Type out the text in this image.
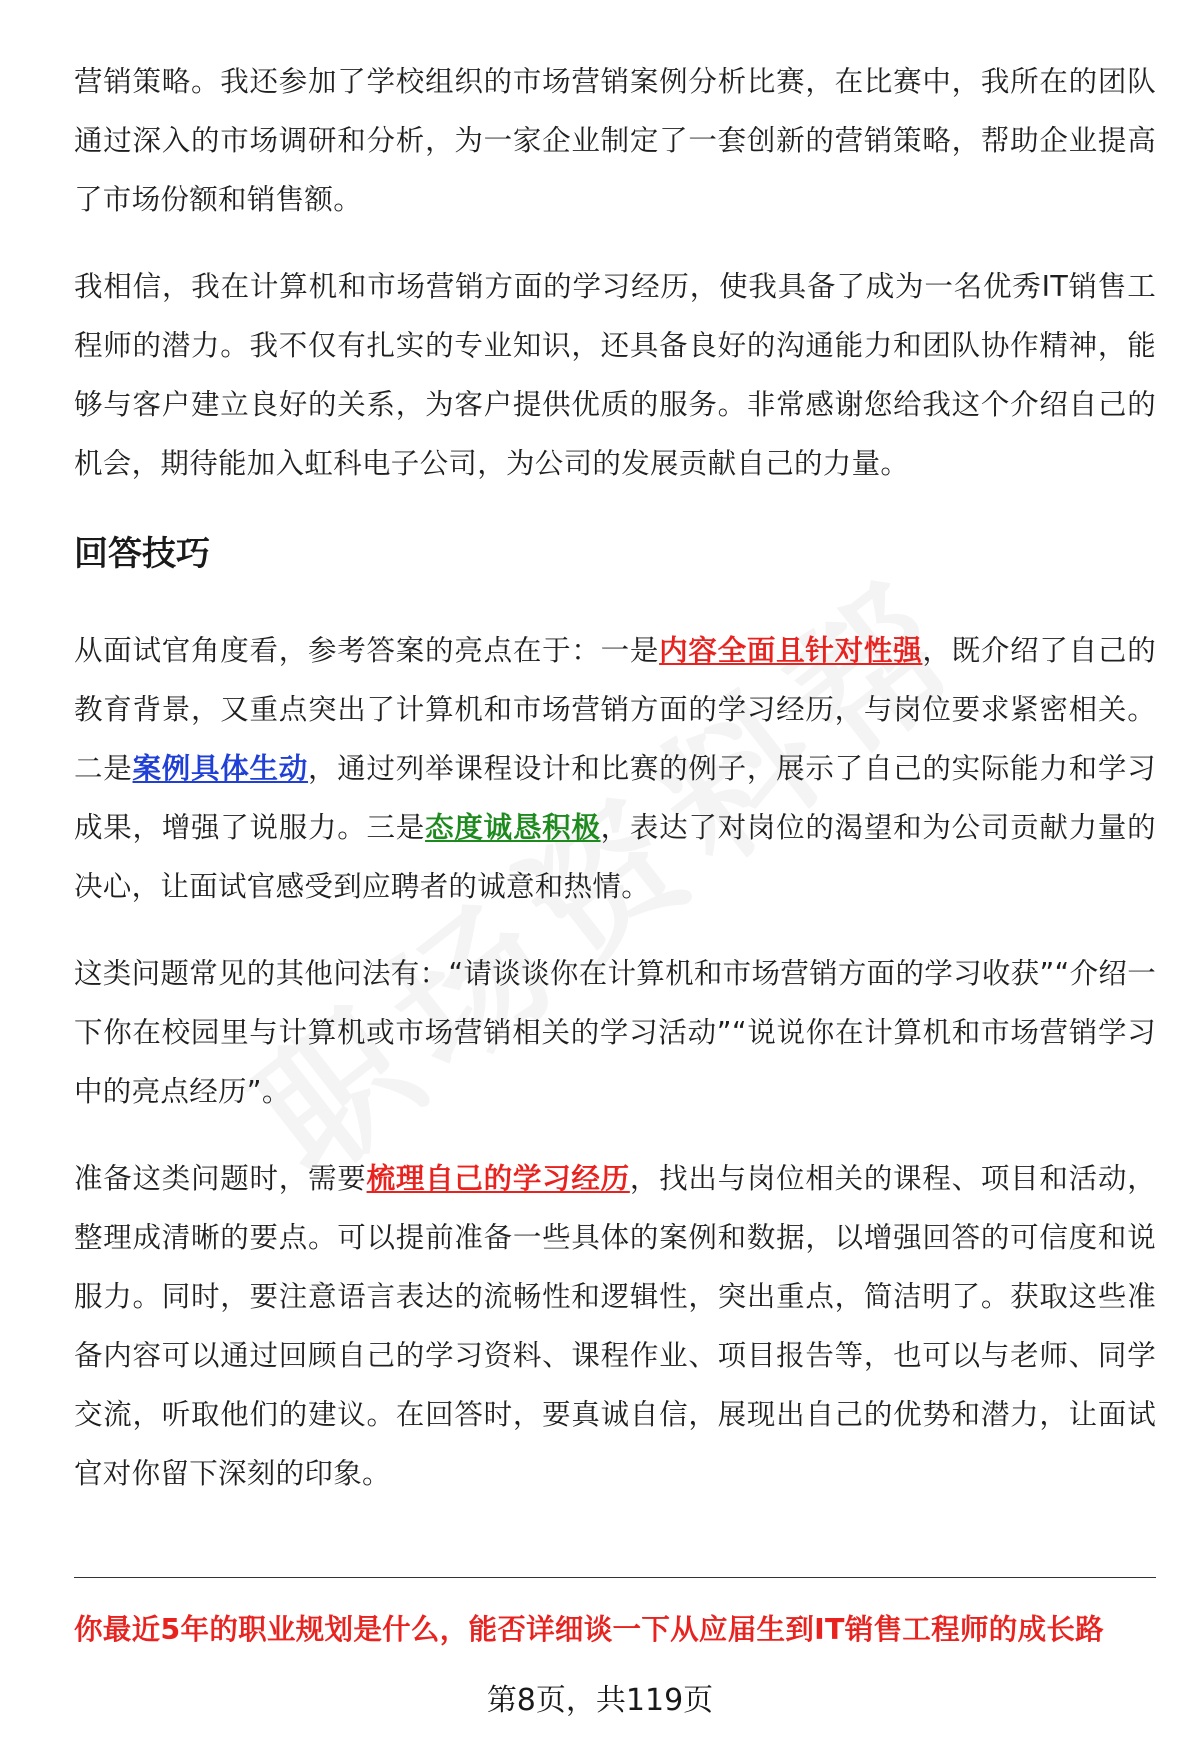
营销策略。我还参加了学校组织的市场营销案例分析比赛，在比赛中，我所在的团队通过深入的市场调研和分析，为一家企业制定了一套创新的营销策略，帮助企业提高了市场份额和销售额。

我相信，我在计算机和市场营销方面的学习经历，使我具备了成为一名优秀IT销售工程师的潜力。我不仅有扎实的专业知识，还具备良好的沟通能力和团队协作精神，能够与客户建立良好的关系，为客户提供优质的服务。非常感谢您给我这个介绍自己的机会，期待能加入虹科电子公司，为公司的发展贡献自己的力量。

回答技巧

从面试官角度看，参考答案的亮点在于：一是内容全面且针对性强，既介绍了自己的教育背景，又重点突出了计算机和市场营销方面的学习经历，与岗位要求紧密相关。二是案例具体生动，通过列举课程设计和比赛的例子，展示了自己的实际能力和学习成果，增强了说服力。三是态度诚恳积极，表达了对岗位的渴望和为公司贡献力量的决心，让面试官感受到应聘者的诚意和热情。

这类问题常见的其他问法有：“请谈谈你在计算机和市场营销方面的学习收获”“介绍一下你在校园里与计算机或市场营销相关的学习活动”“说说你在计算机和市场营销学习中的亮点经历”。

准备这类问题时，需要梳理自己的学习经历，找出与岗位相关的课程、项目和活动，整理成清晰的要点。可以提前准备一些具体的案例和数据，以增强回答的可信度和说服力。同时，要注意语言表达的流畅性和逻辑性，突出重点，简洁明了。获取这些准备内容可以通过回顾自己的学习资料、课程作业、项目报告等，也可以与老师、同学交流，听取他们的建议。在回答时，要真诚自信，展现出自己的优势和潜力，让面试官对你留下深刻的印象。

你最近5年的职业规划是什么，能否详细谈一下从应届生到IT销售工程师的成长路
第8页，共119页
